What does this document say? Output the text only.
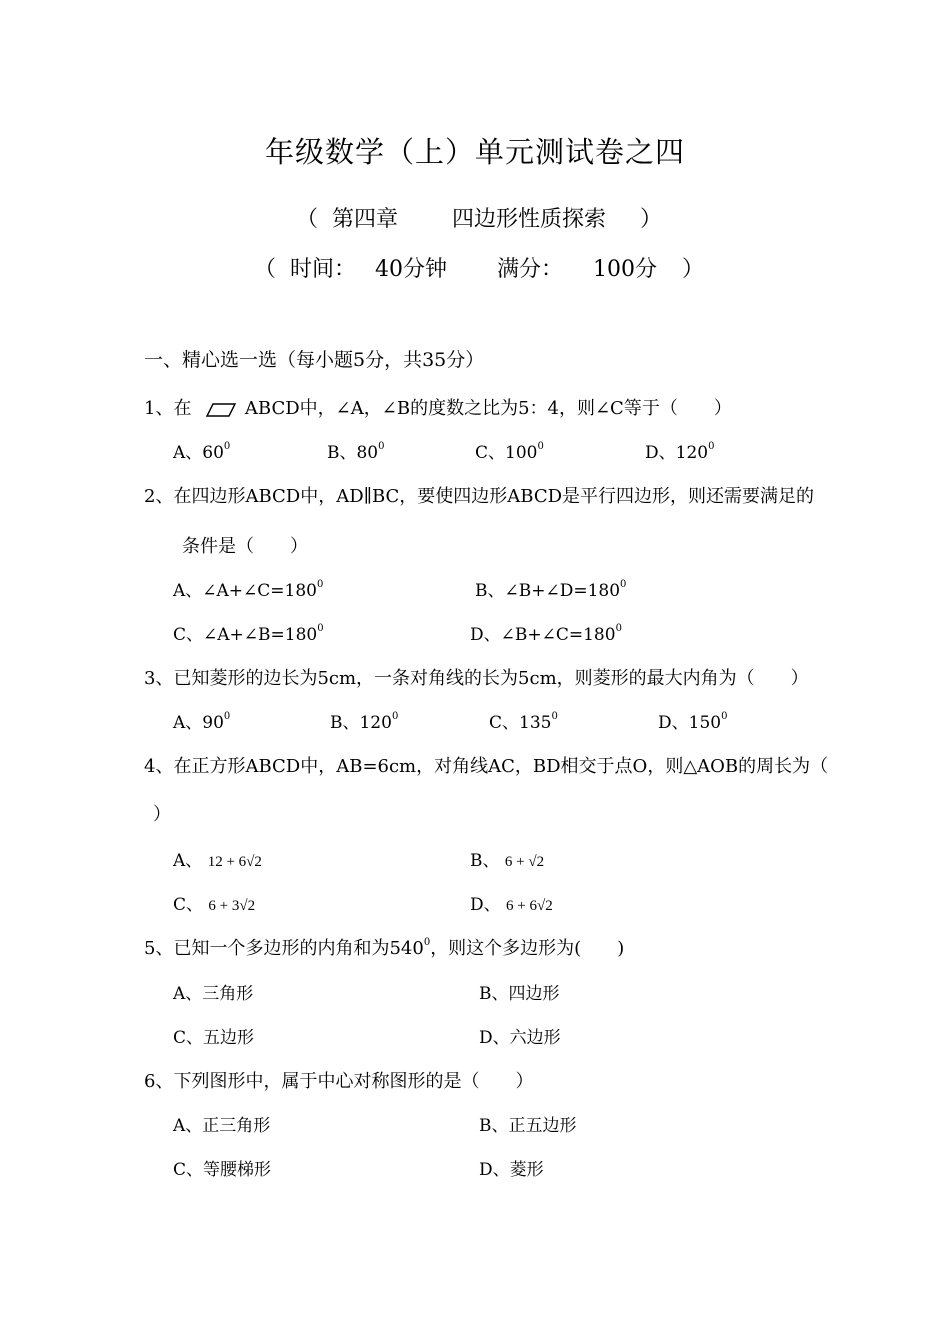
年级数学（上）单元测试卷之四
（ 第四章 四边形性质探索 ）
（ 时间： 40分钟 满分： 100分 ）
一、精心选一选（每小题5分，共35分）
1、在	ABCD中，∠A，∠B的度数之比为5：4，则∠C等于（　　）
A、$60^0$	B、$80^0$	C、$100^0$	D、$120^0$
2、在四边形ABCD中，AD∥BC，要使四边形ABCD是平行四边形，则还需要满足的
条件是（　　）
A、$\angle A+\angle C=180^0$	B、$\angle B+\angle D=180^0$
C、$\angle A+\angle B=180^0$	D、$\angle B+\angle C=180^0$
3、已知菱形的边长为5cm，一条对角线的长为5cm，则菱形的最大内角为（　　）
A、$90^0$	B、$120^0$	C、$135^0$	D、$150^0$
4、在正方形ABCD中，AB=6cm，对角线AC，BD相交于点O，则△AOB的周长为（
）
A、 12 + 6√2	B、 6 + √2
C、 6 + 3√2	D、 6 + 6√2
5、已知一个多边形的内角和为$540^0$，则这个多边形为(　　)
A、三角形	B、四边形
C、五边形	D、六边形
6、下列图形中，属于中心对称图形的是（　　）
A、正三角形	B、正五边形
C、等腰梯形	D、菱形
